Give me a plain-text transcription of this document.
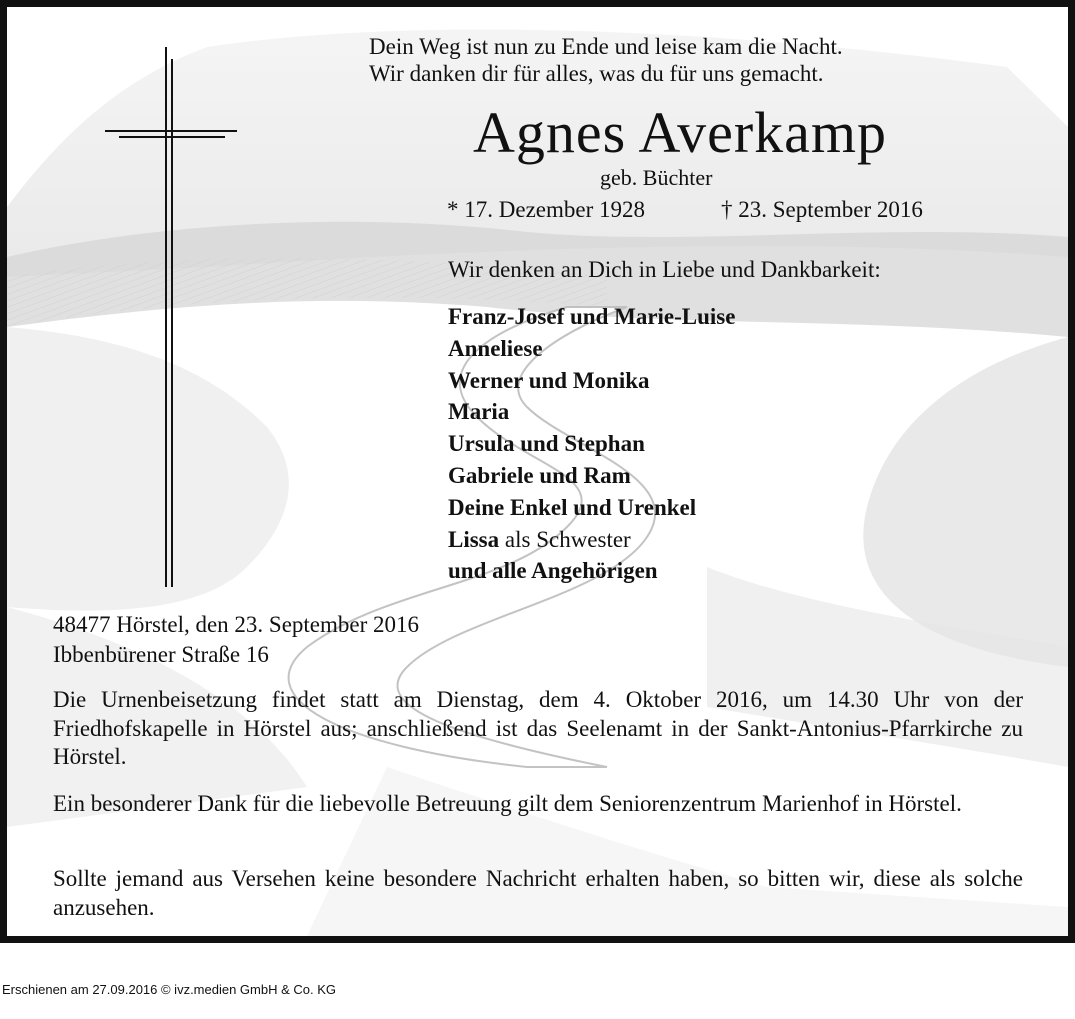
Dein Weg ist nun zu Ende und leise kam die Nacht.
Wir danken dir für alles, was du für uns gemacht.
Agnes Averkamp
geb. Büchter
* 17. Dezember 1928	† 23. September 2016
Wir denken an Dich in Liebe und Dankbarkeit:
Franz-Josef und Marie-Luise
Anneliese
Werner und Monika
Maria
Ursula und Stephan
Gabriele und Ram
Deine Enkel und Urenkel
Lissa als Schwester
und alle Angehörigen
48477 Hörstel, den 23. September 2016
Ibbenbürener Straße 16

Die Urnenbeisetzung findet statt am Dienstag, dem 4. Oktober 2016, um 14.30 Uhr von der Friedhofskapelle in Hörstel aus; anschließend ist das Seelenamt in der Sankt-Antonius-Pfarrkirche zu Hörstel.

Ein besonderer Dank für die liebevolle Betreuung gilt dem Seniorenzentrum Marienhof in Hörstel.

Sollte jemand aus Versehen keine besondere Nachricht erhalten haben, so bitten wir, diese als solche anzusehen.

Erschienen am 27.09.2016 © ivz.medien GmbH & Co. KG
